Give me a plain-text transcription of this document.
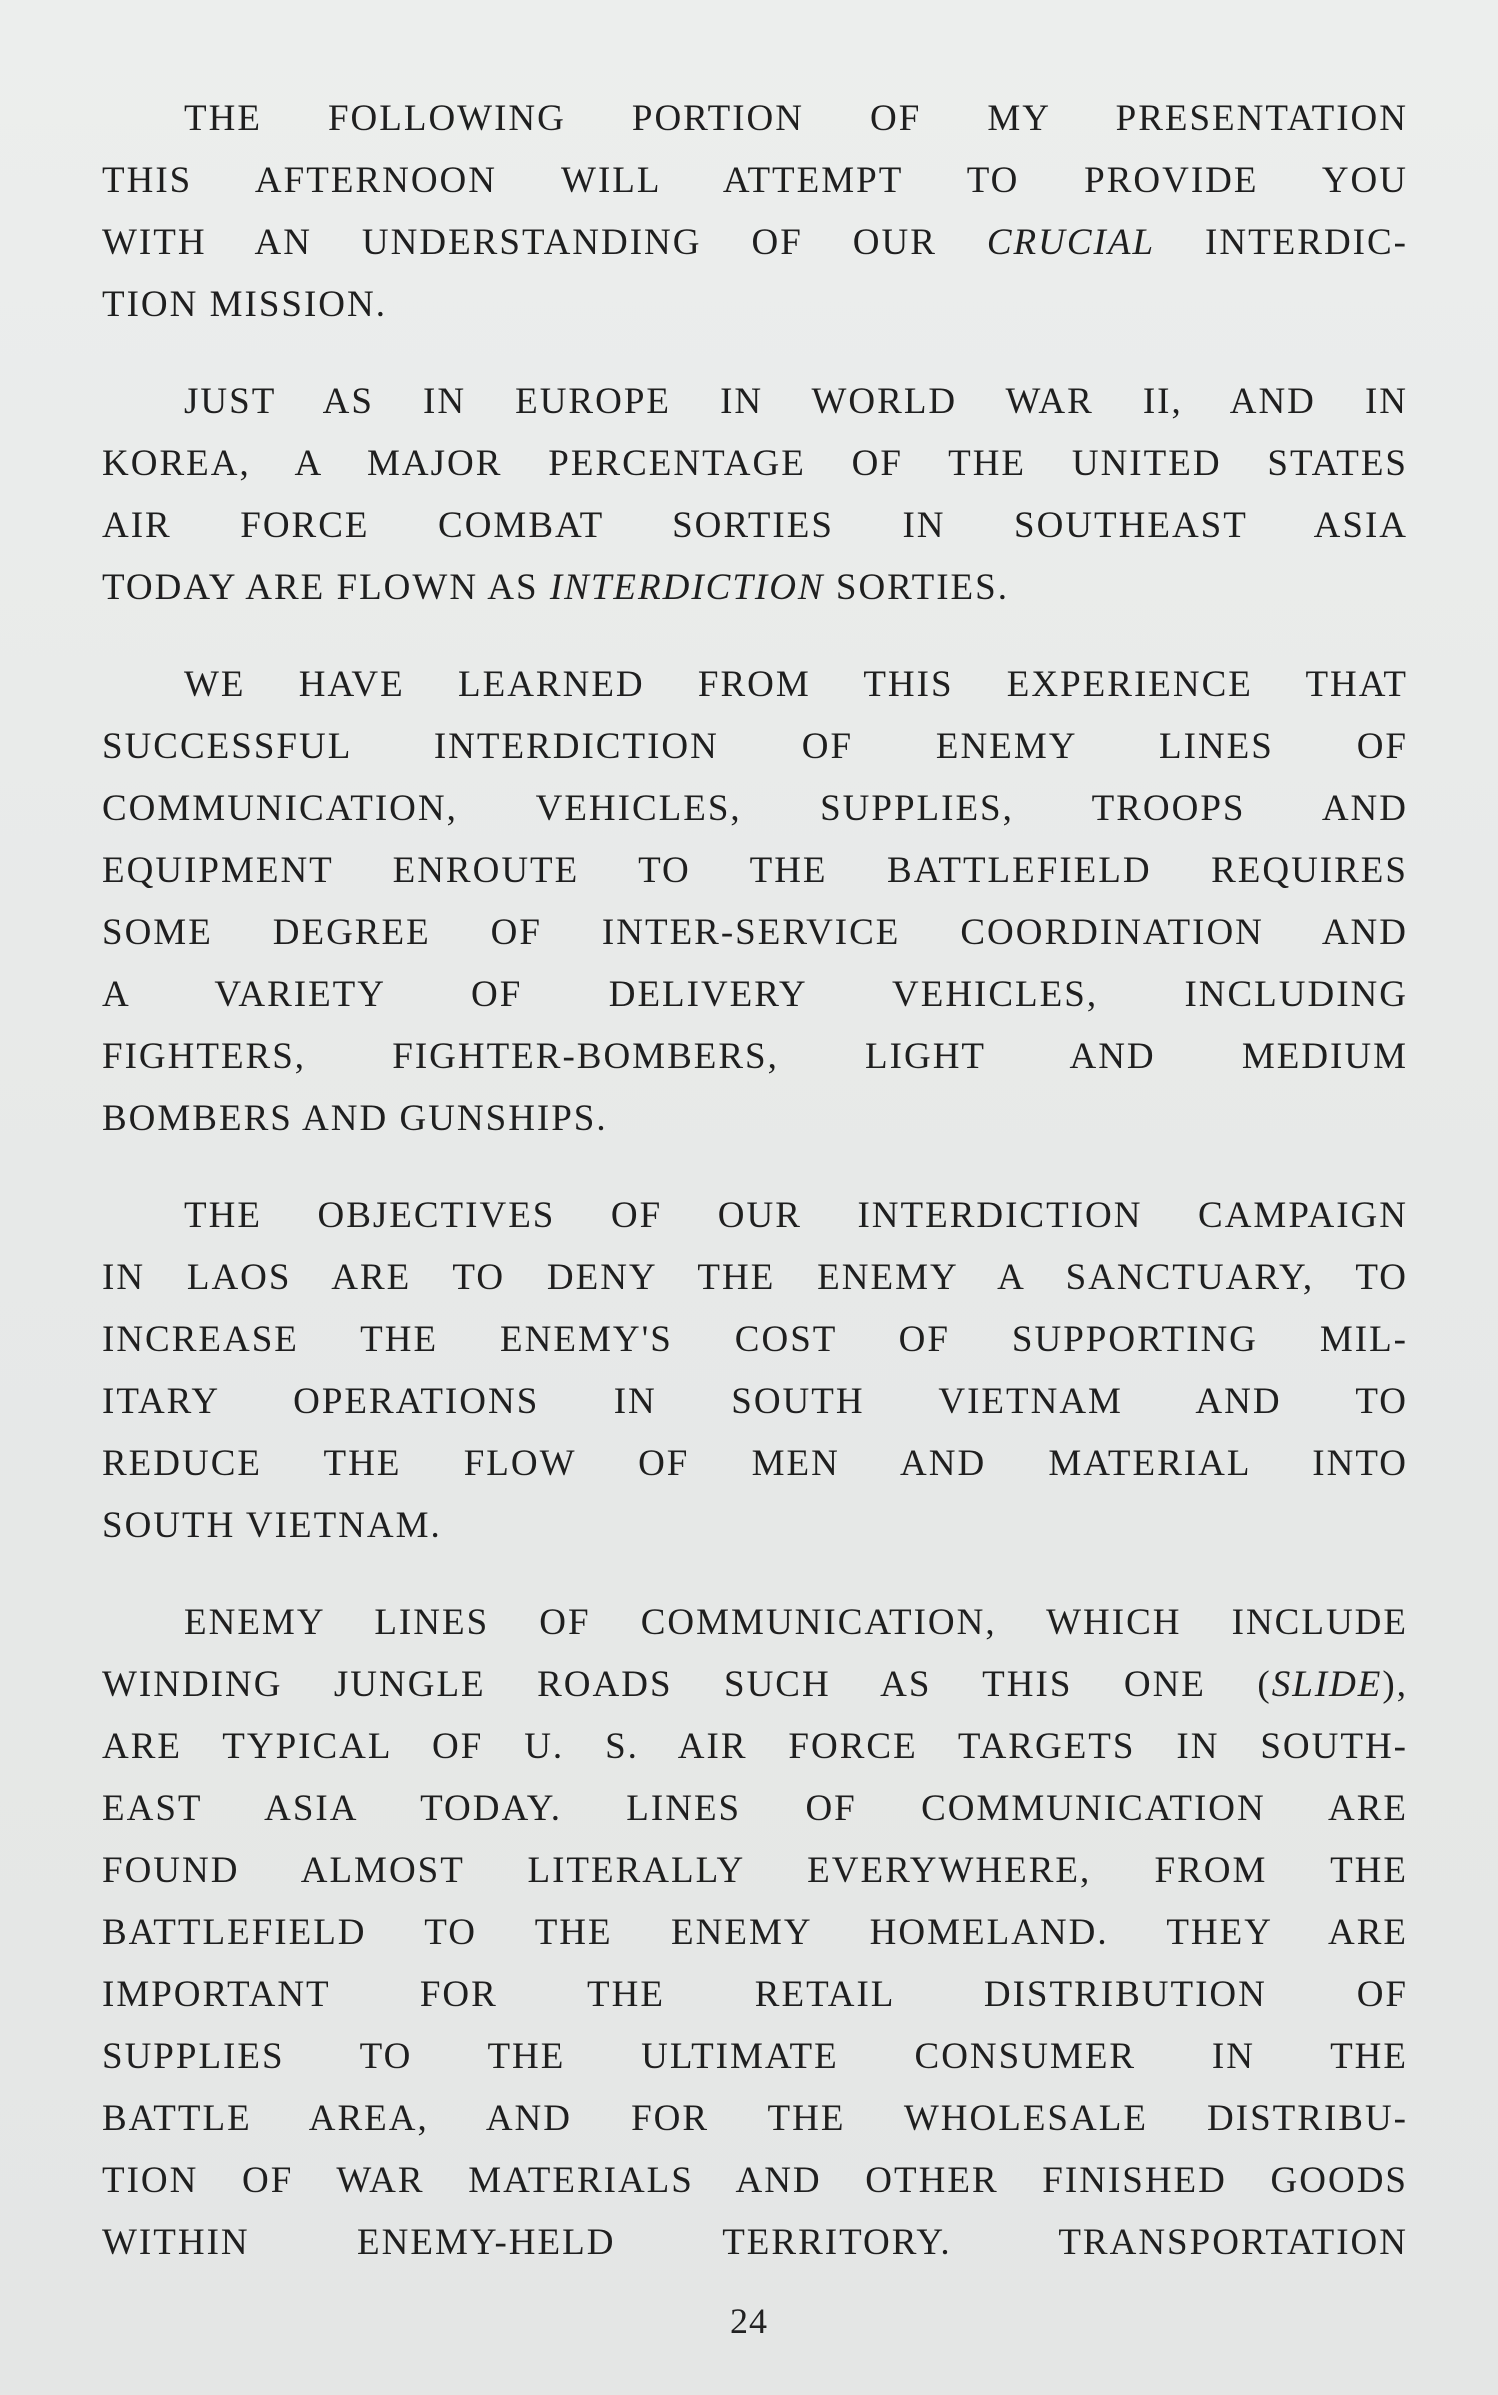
THE FOLLOWING PORTION OF MY PRESENTATION
THIS AFTERNOON WILL ATTEMPT TO PROVIDE YOU
WITH AN UNDERSTANDING OF OUR CRUCIAL INTERDIC-
TION MISSION.

JUST AS IN EUROPE IN WORLD WAR II, AND IN
KOREA, A MAJOR PERCENTAGE OF THE UNITED STATES
AIR FORCE COMBAT SORTIES IN SOUTHEAST ASIA
TODAY ARE FLOWN AS INTERDICTION SORTIES.

WE HAVE LEARNED FROM THIS EXPERIENCE THAT
SUCCESSFUL INTERDICTION OF ENEMY LINES OF
COMMUNICATION, VEHICLES, SUPPLIES, TROOPS AND
EQUIPMENT ENROUTE TO THE BATTLEFIELD REQUIRES
SOME DEGREE OF INTER-SERVICE COORDINATION AND
A VARIETY OF DELIVERY VEHICLES, INCLUDING
FIGHTERS, FIGHTER-BOMBERS, LIGHT AND MEDIUM
BOMBERS AND GUNSHIPS.

THE OBJECTIVES OF OUR INTERDICTION CAMPAIGN
IN LAOS ARE TO DENY THE ENEMY A SANCTUARY, TO
INCREASE THE ENEMY'S COST OF SUPPORTING MIL-
ITARY OPERATIONS IN SOUTH VIETNAM AND TO
REDUCE THE FLOW OF MEN AND MATERIAL INTO
SOUTH VIETNAM.

ENEMY LINES OF COMMUNICATION, WHICH INCLUDE
WINDING JUNGLE ROADS SUCH AS THIS ONE (SLIDE),
ARE TYPICAL OF U. S. AIR FORCE TARGETS IN SOUTH-
EAST ASIA TODAY. LINES OF COMMUNICATION ARE
FOUND ALMOST LITERALLY EVERYWHERE, FROM THE
BATTLEFIELD TO THE ENEMY HOMELAND. THEY ARE
IMPORTANT FOR THE RETAIL DISTRIBUTION OF
SUPPLIES TO THE ULTIMATE CONSUMER IN THE
BATTLE AREA, AND FOR THE WHOLESALE DISTRIBU-
TION OF WAR MATERIALS AND OTHER FINISHED GOODS
WITHIN ENEMY-HELD TERRITORY. TRANSPORTATION

24
